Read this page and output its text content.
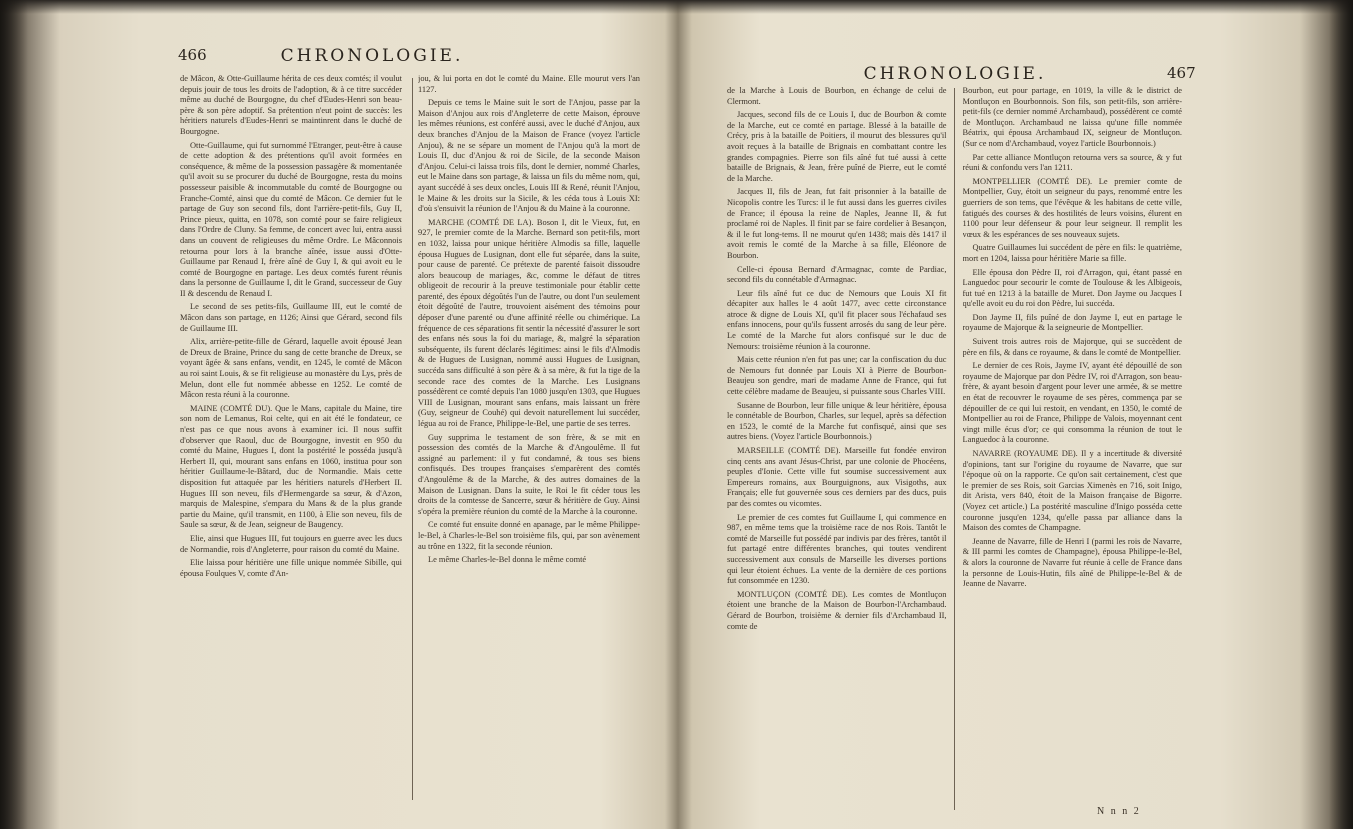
466	CHRONOLOGIE.

de Mâcon, & Otte-Guillaume hérita de ces deux comtés; il voulut depuis jouir de tous les droits de l'adoption, & à ce titre succéder même au duché de Bourgogne, du chef d'Eudes-Henri son beau-père & son père adoptif. Sa prétention n'eut point de succès: les héritiers naturels d'Eudes-Henri se maintinrent dans le duché de Bourgogne.

Otte-Guillaume, qui fut surnommé l'Etranger, peut-être à cause de cette adoption & des prétentions qu'il avoit formées en conséquence, & même de la possession passagère & momentanée qu'il avoit su se procurer du duché de Bourgogne, resta du moins possesseur paisible & incommutable du comté de Bourgogne ou Franche-Comté, ainsi que du comté de Mâcon. Ce dernier fut le partage de Guy son second fils, dont l'arrière-petit-fils, Guy II, Prince pieux, quitta, en 1078, son comté pour se faire religieux dans l'Ordre de Cluny. Sa femme, de concert avec lui, entra aussi dans un couvent de religieuses du même Ordre. Le Mâconnois retourna pour lors à la branche aînée, issue aussi d'Otte-Guillaume par Renaud I, frère aîné de Guy I, & qui avoit eu le comté de Bourgogne en partage. Les deux comtés furent réunis dans la personne de Guillaume I, dit le Grand, successeur de Guy II & descendu de Renaud I.

Le second de ses petits-fils, Guillaume III, eut le comté de Mâcon dans son partage, en 1126; Ainsi que Gérard, second fils de Guillaume III.

Alix, arrière-petite-fille de Gérard, laquelle avoit épousé Jean de Dreux de Braine, Prince du sang de cette branche de Dreux, se voyant âgée & sans enfans, vendit, en 1245, le comté de Mâcon au roi saint Louis, & se fit religieuse au monastère du Lys, près de Melun, dont elle fut nommée abbesse en 1252. Le comté de Mâcon resta réuni à la couronne.

MAINE (COMTÉ DU). Que le Mans, capitale du Maine, tire son nom de Lemanus, Roi celte, qui en ait été le fondateur, ce n'est pas ce que nous avons à examiner ici. Il nous suffit d'observer que Raoul, duc de Bourgogne, investit en 950 du comté du Maine, Hugues I, dont la postérité le posséda jusqu'à Herbert II, qui, mourant sans enfans en 1060, institua pour son héritier Guillaume-le-Bâtard, duc de Normandie. Mais cette disposition fut attaquée par les héritiers naturels d'Herbert II. Hugues III son neveu, fils d'Hermengarde sa sœur, & d'Azon, marquis de Malespine, s'empara du Mans & de la plus grande partie du Maine, qu'il transmit, en 1100, à Elie son neveu, fils de Saule sa sœur, & de Jean, seigneur de Baugency.

Elie, ainsi que Hugues III, fut toujours en guerre avec les ducs de Normandie, rois d'Angleterre, pour raison du comté du Maine.

Elie laissa pour héritière une fille unique nommée Sibille, qui épousa Foulques V, comte d'An-

jou, & lui porta en dot le comté du Maine. Elle mourut vers l'an 1127.

Depuis ce tems le Maine suit le sort de l'Anjou, passe par la Maison d'Anjou aux rois d'Angleterre de cette Maison, éprouve les mêmes réunions, est conféré aussi, avec le duché d'Anjou, aux deux branches d'Anjou de la Maison de France (voyez l'article Anjou), & ne se sépare un moment de l'Anjou qu'à la mort de Louis II, duc d'Anjou & roi de Sicile, de la seconde Maison d'Anjou. Celui-ci laissa trois fils, dont le dernier, nommé Charles, eut le Maine dans son partage, & laissa un fils du même nom, qui, ayant succédé à ses deux oncles, Louis III & René, réunit l'Anjou, le Maine & les droits sur la Sicile, & les céda tous à Louis XI: d'où s'ensuivit la réunion de l'Anjou & du Maine à la couronne.

MARCHE (COMTÉ DE LA). Boson I, dit le Vieux, fut, en 927, le premier comte de la Marche. Bernard son petit-fils, mort en 1032, laissa pour unique héritière Almodis sa fille, laquelle épousa Hugues de Lusignan, dont elle fut séparée, dans la suite, pour cause de parenté. Ce prétexte de parenté faisoit dissoudre alors beaucoup de mariages, &c, comme le défaut de titres obligeoit de recourir à la preuve testimoniale pour établir cette parenté, des époux dégoûtés l'un de l'autre, ou dont l'un seulement étoit dégoûté de l'autre, trouvoient aisément des témoins pour déposer d'une parenté ou d'une affinité réelle ou chimérique. La fréquence de ces séparations fit sentir la nécessité d'assurer le sort des enfans nés sous la foi du mariage, &, malgré la séparation subséquente, ils furent déclarés légitimes: ainsi le fils d'Almodis & de Hugues de Lusignan, nommé aussi Hugues de Lusignan, succéda sans difficulté à son père & à sa mère, & fut la tige de la seconde race des comtes de la Marche. Les Lusignans possédèrent ce comté depuis l'an 1080 jusqu'en 1303, que Hugues VIII de Lusignan, mourant sans enfans, mais laissant un frère (Guy, seigneur de Couhé) qui devoit naturellement lui succéder, légua au roi de France, Philippe-le-Bel, une partie de ses terres.

Guy supprima le testament de son frère, & se mit en possession des comtés de la Marche & d'Angoulême. Il fut assigné au parlement: il y fut condamné, & tous ses biens confisqués. Des troupes françaises s'emparèrent des comtés d'Angoulême & de la Marche, & des autres domaines de la Maison de Lusignan. Dans la suite, le Roi le fit céder tous les droits de la comtesse de Sancerre, sœur & héritière de Guy. Ainsi s'opéra la première réunion du comté de la Marche à la couronne.

Ce comté fut ensuite donné en apanage, par le même Philippe-le-Bel, à Charles-le-Bel son troisième fils, qui, par son avènement au trône en 1322, fit la seconde réunion.

Le même Charles-le-Bel donna le même comté

CHRONOLOGIE.	467

de la Marche à Louis de Bourbon, en échange de celui de Clermont.

Jacques, second fils de ce Louis I, duc de Bourbon & comte de la Marche, eut ce comté en partage. Blessé à la bataille de Crécy, pris à la bataille de Poitiers, il mourut des blessures qu'il avoit reçues à la bataille de Brignais en combattant contre les grandes compagnies. Pierre son fils aîné fut tué aussi à cette bataille de Brignais, & Jean, frère puîné de Pierre, eut le comté de la Marche.

Jacques II, fils de Jean, fut fait prisonnier à la bataille de Nicopolis contre les Turcs: il le fut aussi dans les guerres civiles de France; il épousa la reine de Naples, Jeanne II, & fut proclamé roi de Naples. Il finit par se faire cordelier à Besançon, & il le fut long-tems. Il ne mourut qu'en 1438; mais dès 1417 il avoit remis le comté de la Marche à sa fille, Eléonore de Bourbon.

Celle-ci épousa Bernard d'Armagnac, comte de Pardiac, second fils du connétable d'Armagnac.

Leur fils aîné fut ce duc de Nemours que Louis XI fit décapiter aux halles le 4 août 1477, avec cette circonstance atroce & digne de Louis XI, qu'il fit placer sous l'échafaud ses enfans innocens, pour qu'ils fussent arrosés du sang de leur père. Le comté de la Marche fut alors confisqué sur le duc de Nemours: troisième réunion à la couronne.

Mais cette réunion n'en fut pas une; car la confiscation du duc de Nemours fut donnée par Louis XI à Pierre de Bourbon-Beaujeu son gendre, mari de madame Anne de France, qui fut cette célèbre madame de Beaujeu, si puissante sous Charles VIII.

Susanne de Bourbon, leur fille unique & leur héritière, épousa le connétable de Bourbon, Charles, sur lequel, après sa défection en 1523, le comté de la Marche fut confisqué, ainsi que ses autres biens. (Voyez l'article Bourbonnois.)

MARSEILLE (COMTÉ DE). Marseille fut fondée environ cinq cents ans avant Jésus-Christ, par une colonie de Phocéens, peuples d'Ionie. Cette ville fut soumise successivement aux Empereurs romains, aux Bourguignons, aux Visigoths, aux Français; elle fut gouvernée sous ces derniers par des ducs, puis par des comtes ou vicomtes.

Le premier de ces comtes fut Guillaume I, qui commence en 987, en même tems que la troisième race de nos Rois. Tantôt le comté de Marseille fut possédé par indivis par des frères, tantôt il fut partagé entre différentes branches, qui toutes vendirent successivement aux consuls de Marseille les diverses portions qui leur étoient échues. La vente de la dernière de ces portions fut consommée en 1230.

MONTLUÇON (COMTÉ DE). Les comtes de Montluçon étoient une branche de la Maison de Bourbon-l'Archambaud. Gérard de Bourbon, troisième & dernier fils d'Archambaud II, comte de

Bourbon, eut pour partage, en 1019, la ville & le district de Montluçon en Bourbonnois. Son fils, son petit-fils, son arrière-petit-fils (ce dernier nommé Archambaud), possédèrent ce comté de Montluçon. Archambaud ne laissa qu'une fille nommée Béatrix, qui épousa Archambaud IX, seigneur de Montluçon. (Sur ce nom d'Archambaud, voyez l'article Bourbonnois.)

Par cette alliance Montluçon retourna vers sa source, & y fut réuni & confondu vers l'an 1211.

MONTPELLIER (COMTÉ DE). Le premier comte de Montpellier, Guy, étoit un seigneur du pays, renommé entre les guerriers de son tems, que l'évêque & les habitans de cette ville, fatigués des courses & des hostilités de leurs voisins, élurent en 1100 pour leur défenseur & pour leur seigneur. Il remplit les vœux & les espérances de ses nouveaux sujets.

Quatre Guillaumes lui succédent de père en fils: le quatrième, mort en 1204, laissa pour héritière Marie sa fille.

Elle épousa don Pèdre II, roi d'Arragon, qui, étant passé en Languedoc pour secourir le comte de Toulouse & les Albigeois, fut tué en 1213 à la bataille de Muret. Don Jayme ou Jacques I qu'elle avoit eu du roi don Pèdre, lui succéda.

Don Jayme II, fils puîné de don Jayme I, eut en partage le royaume de Majorque & la seigneurie de Montpellier.

Suivent trois autres rois de Majorque, qui se succèdent de père en fils, & dans ce royaume, & dans le comté de Montpellier.

Le dernier de ces Rois, Jayme IV, ayant été dépouillé de son royaume de Majorque par don Pèdre IV, roi d'Arragon, son beau-frère, & ayant besoin d'argent pour lever une armée, & se mettre en état de recouvrer le royaume de ses pères, commença par se dépouiller de ce qui lui restoit, en vendant, en 1350, le comté de Montpellier au roi de France, Philippe de Valois, moyennant cent vingt mille écus d'or; ce qui consomma la réunion de tout le Languedoc à la couronne.

NAVARRE (ROYAUME DE). Il y a incertitude & diversité d'opinions, tant sur l'origine du royaume de Navarre, que sur l'époque où on la rapporte. Ce qu'on sait certainement, c'est que le premier de ses Rois, soit Garcias Ximenès en 716, soit Inigo, dit Arista, vers 840, étoit de la Maison française de Bigorre. (Voyez cet article.) La postérité masculine d'Inigo posséda cette couronne jusqu'en 1234, qu'elle passa par alliance dans la Maison des comtes de Champagne.

Jeanne de Navarre, fille de Henri I (parmi les rois de Navarre, & III parmi les comtes de Champagne), épousa Philippe-le-Bel, & alors la couronne de Navarre fut réunie à celle de France dans la personne de Louis-Hutin, fils aîné de Philippe-le-Bel & de Jeanne de Navarre.

N n n 2
